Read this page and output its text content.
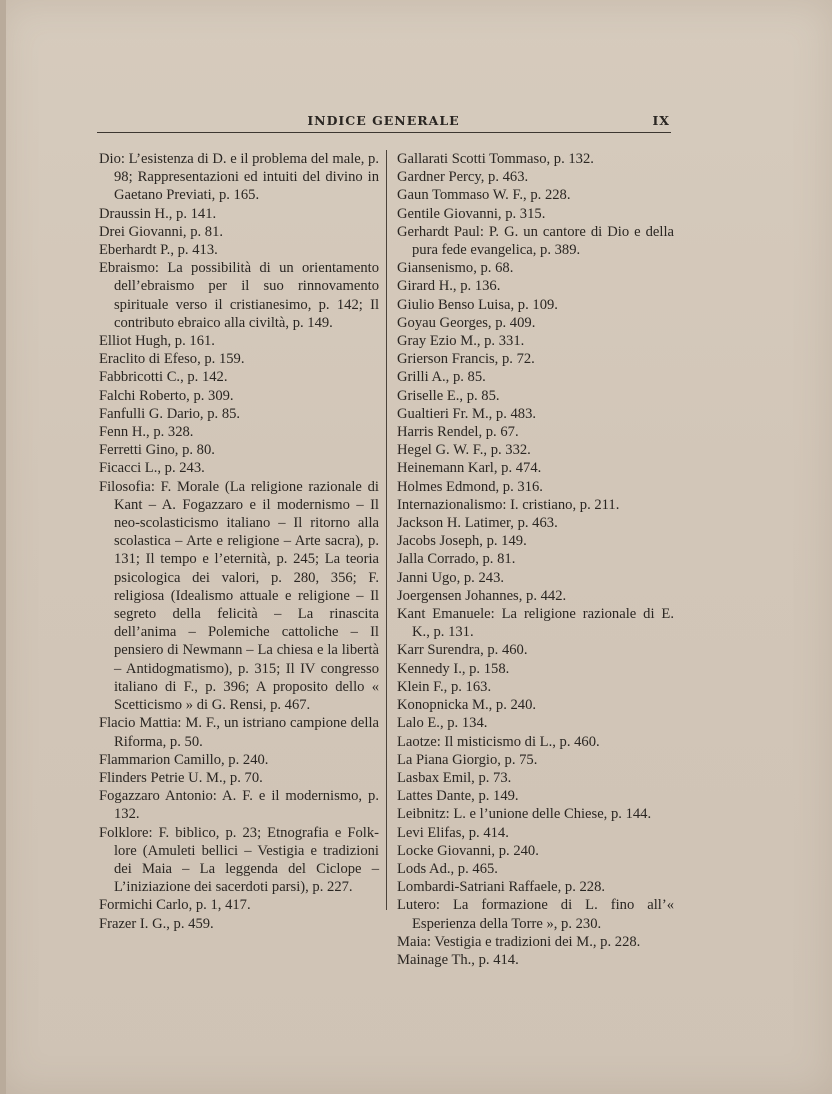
INDICE GENERALE	IX

Dio: L’esistenza di D. e il problema del male, p. 98; Rappresentazioni ed intuiti del divino in Gaetano Previati, p. 165.

Draussin H., p. 141.

Drei Giovanni, p. 81.

Eberhardt P., p. 413.

Ebraismo: La possibilità di un orientamento dell’ebraismo per il suo rinnovamento spirituale verso il cristianesimo, p. 142; Il contributo ebraico alla civiltà, p. 149.

Elliot Hugh, p. 161.

Eraclito di Efeso, p. 159.

Fabbricotti C., p. 142.

Falchi Roberto, p. 309.

Fanfulli G. Dario, p. 85.

Fenn H., p. 328.

Ferretti Gino, p. 80.

Ficacci L., p. 243.

Filosofia: F. Morale (La religione razionale di Kant – A. Fogazzaro e il modernismo – Il neo-scolasticismo italiano – Il ritorno alla scolastica – Arte e religione – Arte sacra), p. 131; Il tempo e l’eternità, p. 245; La teoria psicologica dei valori, p. 280, 356; F. religiosa (Idealismo attuale e religione – Il segreto della felicità – La rinascita dell’anima – Polemiche cattoliche – Il pensiero di Newmann – La chiesa e la libertà – Antidogmatismo), p. 315; Il IV congresso italiano di F., p. 396; A proposito dello « Scetticismo » di G. Rensi, p. 467.

Flacio Mattia: M. F., un istriano campione della Riforma, p. 50.

Flammarion Camillo, p. 240.

Flinders Petrie U. M., p. 70.

Fogazzaro Antonio: A. F. e il modernismo, p. 132.

Folklore: F. biblico, p. 23; Etnografia e Folk-lore (Amuleti bellici – Vestigia e tradizioni dei Maia – La leggenda del Ciclope – L’iniziazione dei sacerdoti parsi), p. 227.

Formichi Carlo, p. 1, 417.

Frazer I. G., p. 459.

Gallarati Scotti Tommaso, p. 132.

Gardner Percy, p. 463.

Gaun Tommaso W. F., p. 228.

Gentile Giovanni, p. 315.

Gerhardt Paul: P. G. un cantore di Dio e della pura fede evangelica, p. 389.

Giansenismo, p. 68.

Girard H., p. 136.

Giulio Benso Luisa, p. 109.

Goyau Georges, p. 409.

Gray Ezio M., p. 331.

Grierson Francis, p. 72.

Grilli A., p. 85.

Griselle E., p. 85.

Gualtieri Fr. M., p. 483.

Harris Rendel, p. 67.

Hegel G. W. F., p. 332.

Heinemann Karl, p. 474.

Holmes Edmond, p. 316.

Internazionalismo: I. cristiano, p. 211.

Jackson H. Latimer, p. 463.

Jacobs Joseph, p. 149.

Jalla Corrado, p. 81.

Janni Ugo, p. 243.

Joergensen Johannes, p. 442.

Kant Emanuele: La religione razionale di E. K., p. 131.

Karr Surendra, p. 460.

Kennedy I., p. 158.

Klein F., p. 163.

Konopnicka M., p. 240.

Lalo E., p. 134.

Laotze: Il misticismo di L., p. 460.

La Piana Giorgio, p. 75.

Lasbax Emil, p. 73.

Lattes Dante, p. 149.

Leibnitz: L. e l’unione delle Chiese, p. 144.

Levi Elifas, p. 414.

Locke Giovanni, p. 240.

Lods Ad., p. 465.

Lombardi-Satriani Raffaele, p. 228.

Lutero: La formazione di L. fino all’« Esperienza della Torre », p. 230.

Maia: Vestigia e tradizioni dei M., p. 228.

Mainage Th., p. 414.
